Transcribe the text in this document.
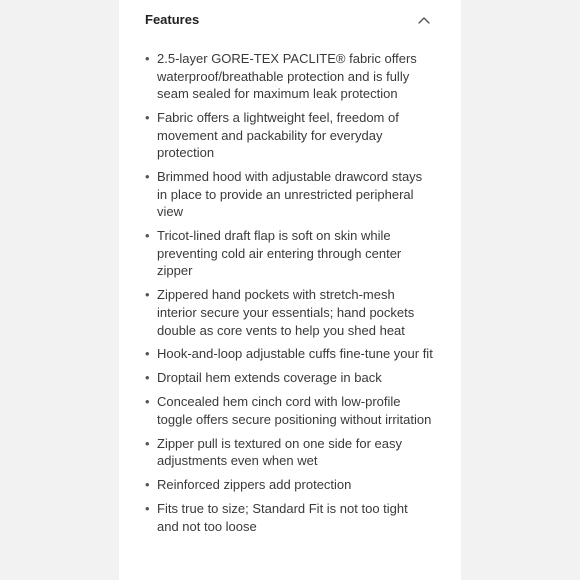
Features
• 2.5-layer GORE-TEX PACLITE® fabric offers waterproof/breathable protection and is fully seam sealed for maximum leak protection
• Fabric offers a lightweight feel, freedom of movement and packability for everyday protection
• Brimmed hood with adjustable drawcord stays in place to provide an unrestricted peripheral view
• Tricot-lined draft flap is soft on skin while preventing cold air entering through center zipper
• Zippered hand pockets with stretch-mesh interior secure your essentials; hand pockets double as core vents to help you shed heat
• Hook-and-loop adjustable cuffs fine-tune your fit
• Droptail hem extends coverage in back
• Concealed hem cinch cord with low-profile toggle offers secure positioning without irritation
• Zipper pull is textured on one side for easy adjustments even when wet
• Reinforced zippers add protection
• Fits true to size; Standard Fit is not too tight and not too loose
